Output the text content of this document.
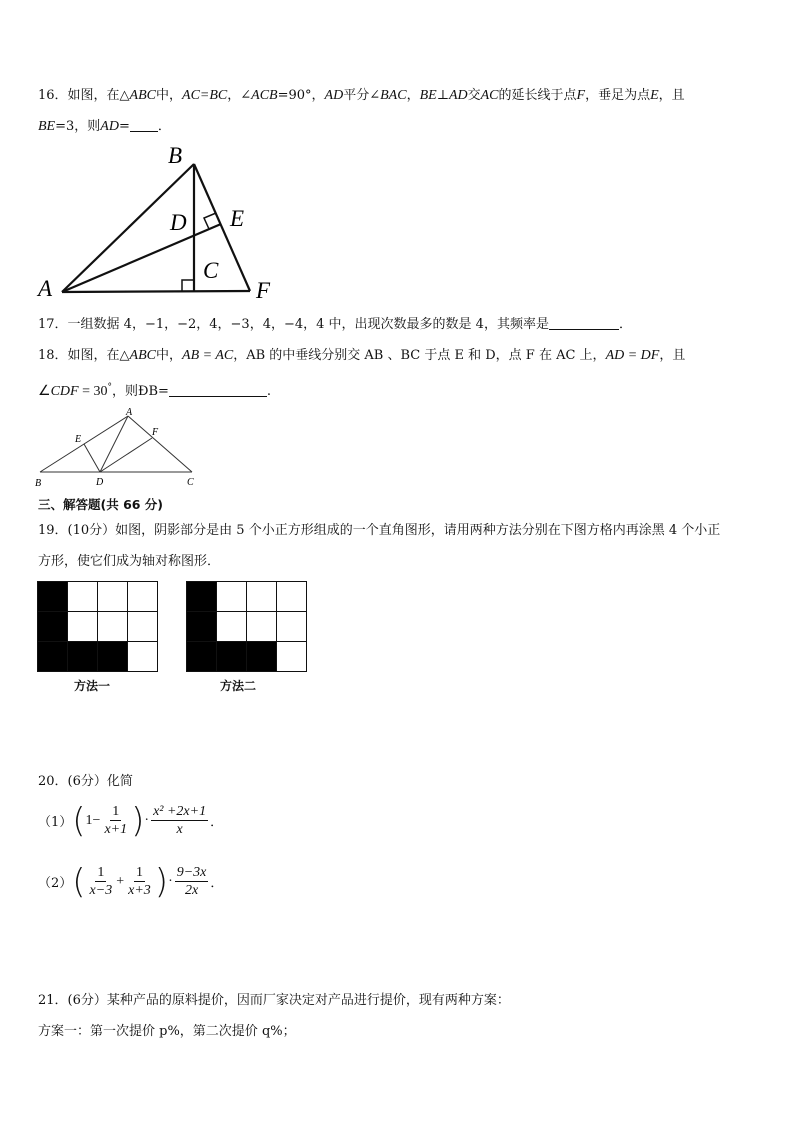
16．如图，在△ABC中，AC=BC，∠ACB=90°，AD平分∠BAC，BE⊥AD交AC的延长线于点F，垂足为点E，且
BE=3，则AD= ．
A
B
C
D E
F
17．一组数据 4，−1，−2，4，−3，4，−4，4 中，出现次数最多的数是 4，其频率是	．
18．如图，在△ABC中，AB = AC，AB 的中垂线分别交 AB 、BC 于点 E 和 D，点 F 在 AC 上，AD = DF，且
∠CDF = 30°，则ÐB=	.
B
A
E
F
D	C
三、解答题(共 66 分)
19．(10分）如图，阴影部分是由 5 个小正方形组成的一个直角图形，请用两种方法分别在下图方格内再涂黑 4 个小正
方形，使它们成为轴对称图形．

方法一	方法二
20．(6分）化简
（1） ( $1- \frac{1}{x+1}$ ) · $\frac{\text{x² +2x+1}}{x}$ ．
（2） ( $\frac{1}{x-3} + \frac{1}{x+3}$ ) · $\frac{9-3x}{2x}$ ．
21．(6分）某种产品的原料提价，因而厂家决定对产品进行提价，现有两种方案：
方案一：第一次提价 p%，第二次提价 q%；
